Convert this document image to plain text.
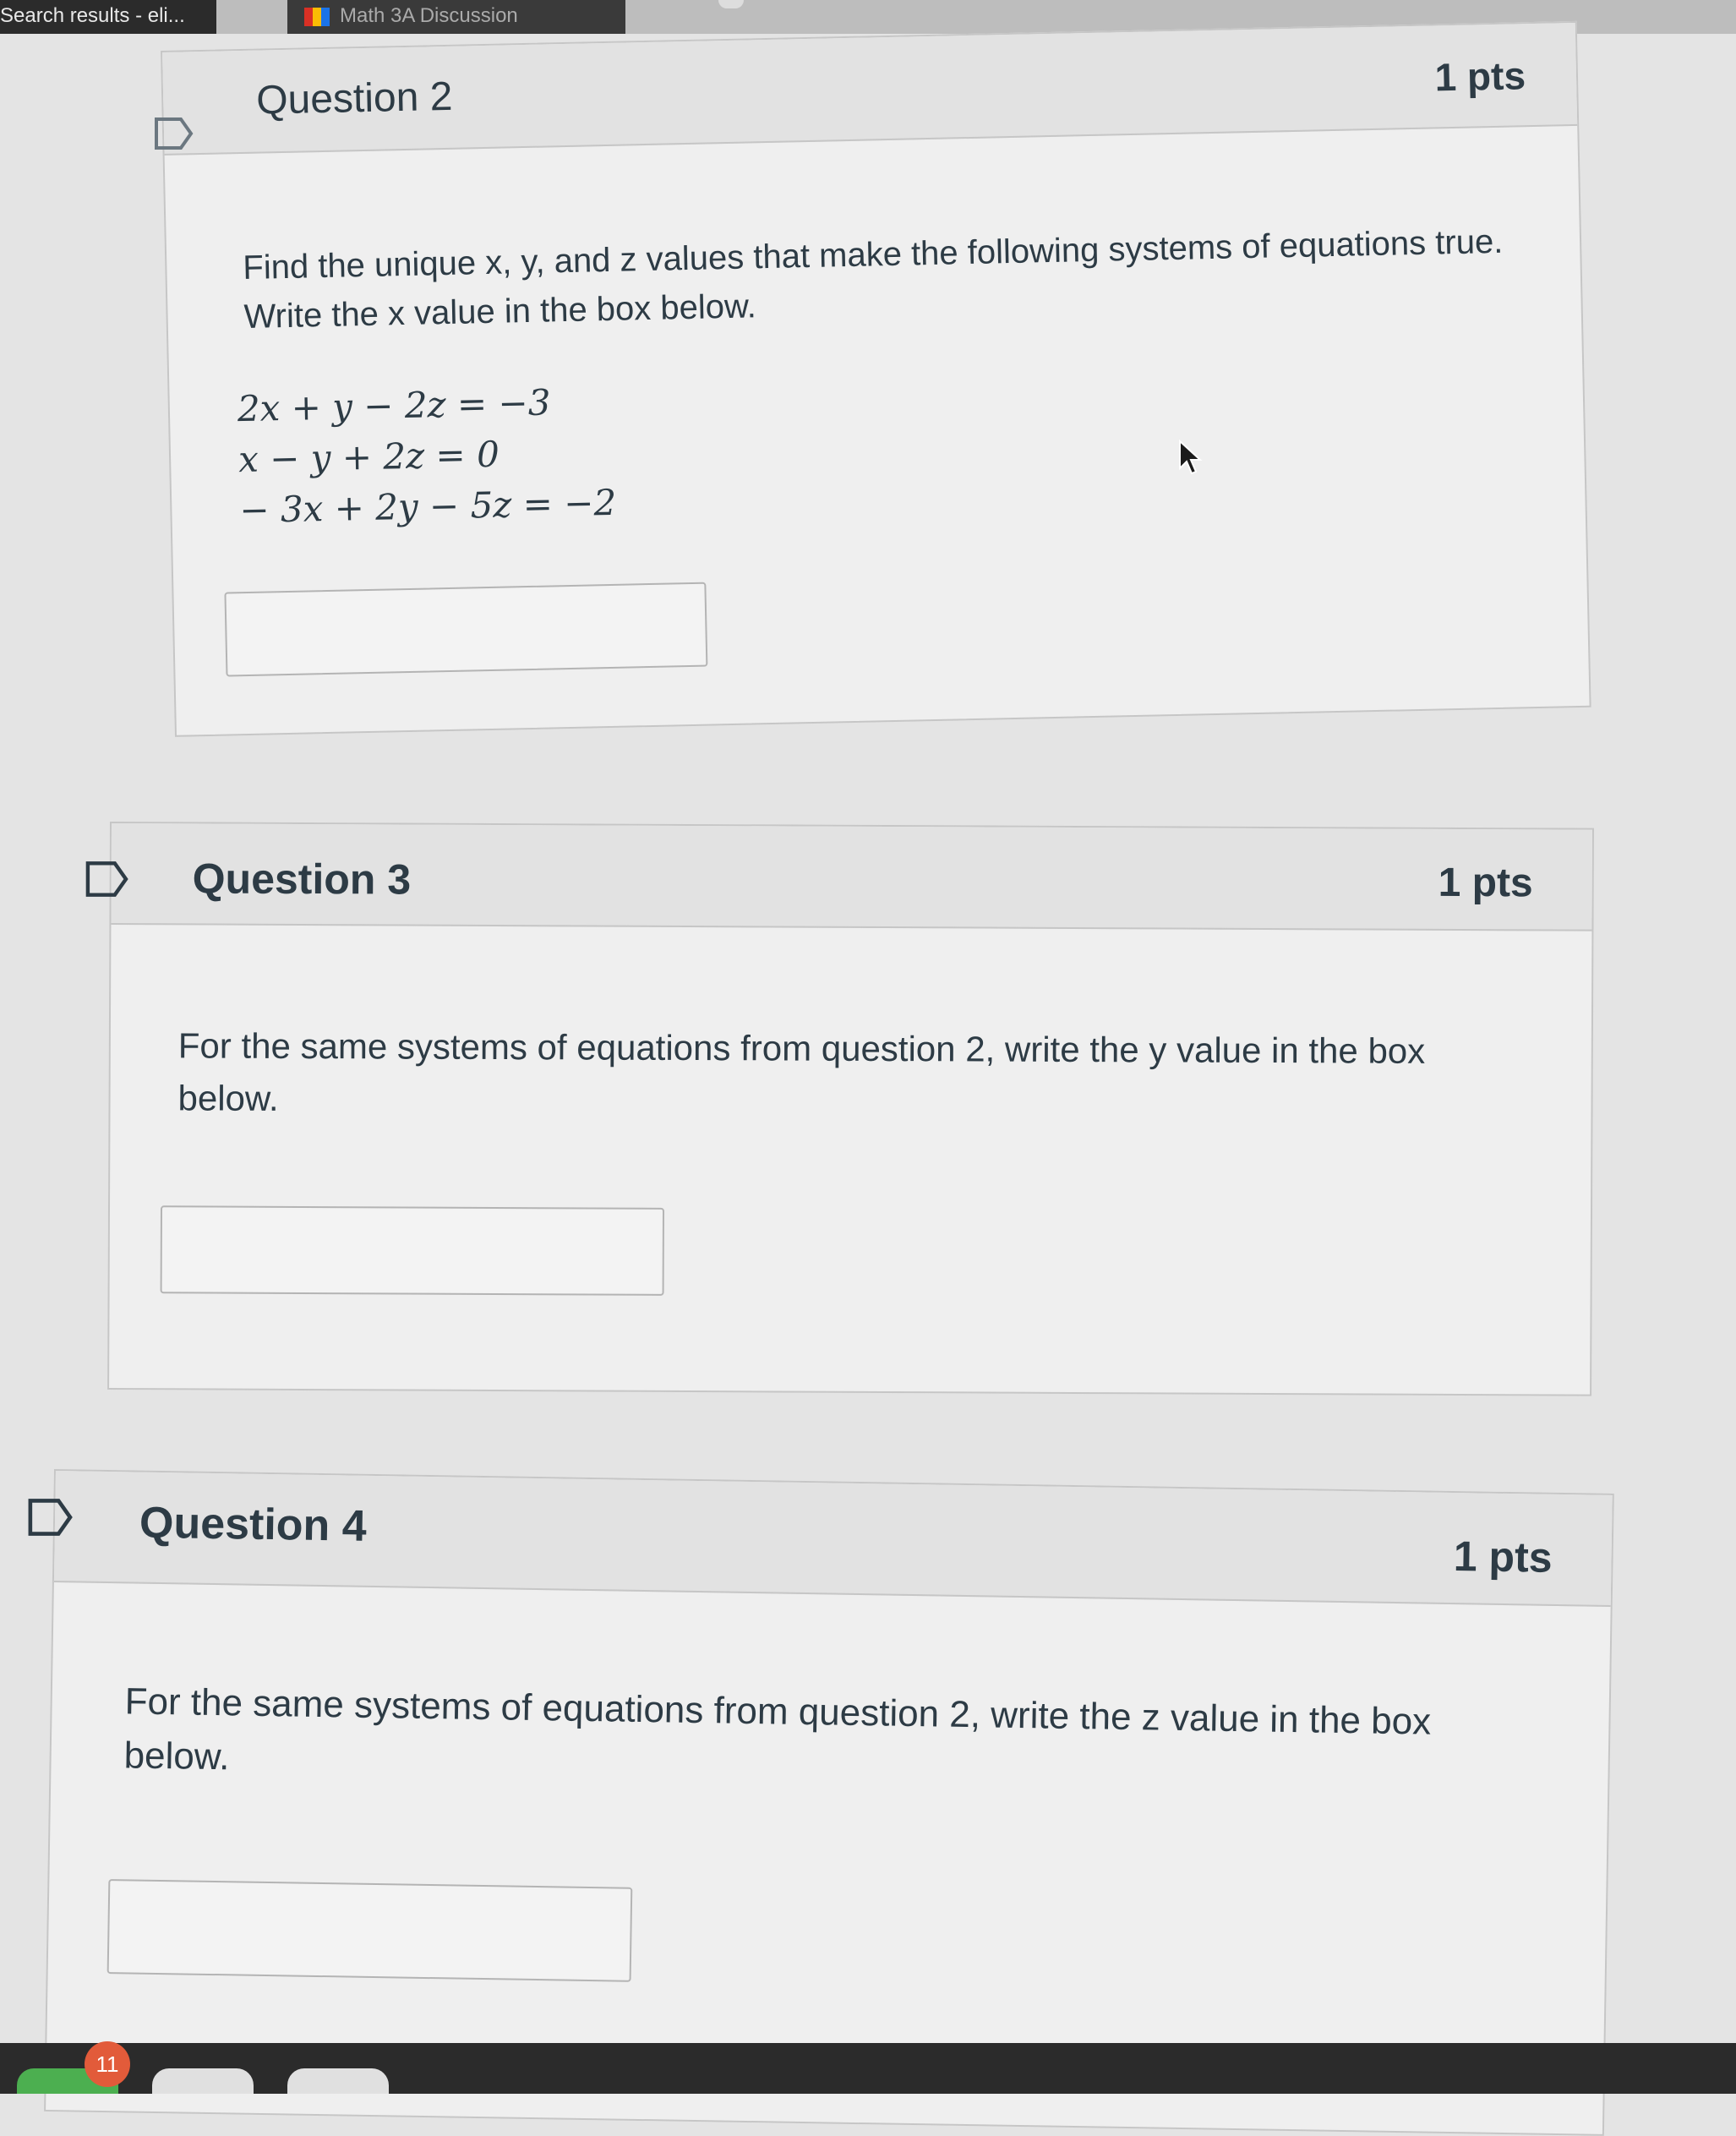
Search results - eli...	Math 3A Discussion
Question 2	1 pts
Find the unique x, y, and z values that make the following systems of equations true. Write the x value in the box below.
2x + y − 2z = −3
x − y + 2z = 0
− 3x + 2y − 5z = −2
Question 3	1 pts
For the same systems of equations from question 2, write the y value in the box below.
Question 4
1 pts
For the same systems of equations from question 2, write the z value in the box below.
11
